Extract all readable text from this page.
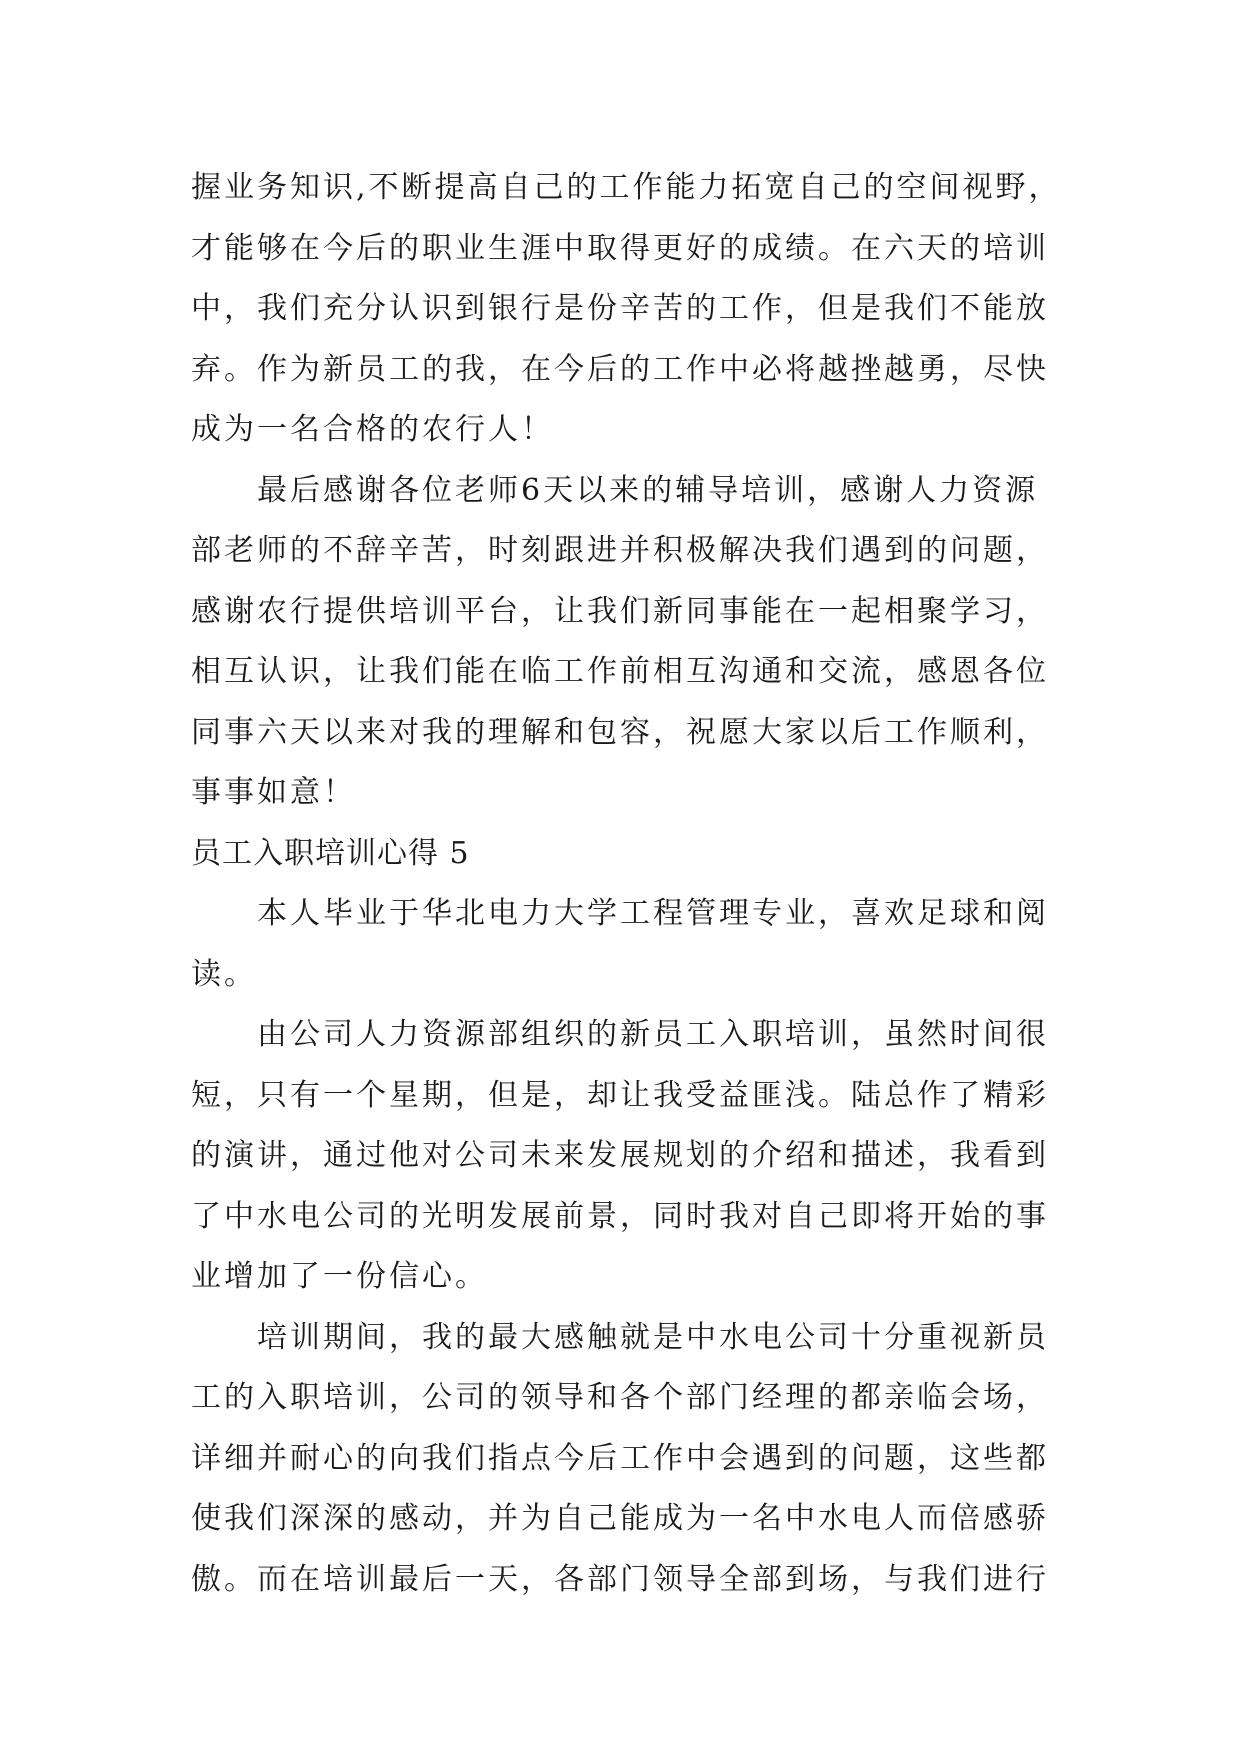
握业务知识,不断提高自己的工作能力拓宽自己的空间视野，
才能够在今后的职业生涯中取得更好的成绩。在六天的培训
中，我们充分认识到银行是份辛苦的工作，但是我们不能放
弃。作为新员工的我，在今后的工作中必将越挫越勇，尽快
成为一名合格的农行人！
最后感谢各位老师6天以来的辅导培训，感谢人力资源
部老师的不辞辛苦，时刻跟进并积极解决我们遇到的问题，
感谢农行提供培训平台，让我们新同事能在一起相聚学习，
相互认识，让我们能在临工作前相互沟通和交流，感恩各位
同事六天以来对我的理解和包容，祝愿大家以后工作顺利，
事事如意！
员工入职培训心得 5
本人毕业于华北电力大学工程管理专业，喜欢足球和阅
读。
由公司人力资源部组织的新员工入职培训，虽然时间很
短，只有一个星期，但是，却让我受益匪浅。陆总作了精彩
的演讲，通过他对公司未来发展规划的介绍和描述，我看到
了中水电公司的光明发展前景，同时我对自己即将开始的事
业增加了一份信心。
培训期间，我的最大感触就是中水电公司十分重视新员
工的入职培训，公司的领导和各个部门经理的都亲临会场，
详细并耐心的向我们指点今后工作中会遇到的问题，这些都
使我们深深的感动，并为自己能成为一名中水电人而倍感骄
傲。而在培训最后一天，各部门领导全部到场，与我们进行
